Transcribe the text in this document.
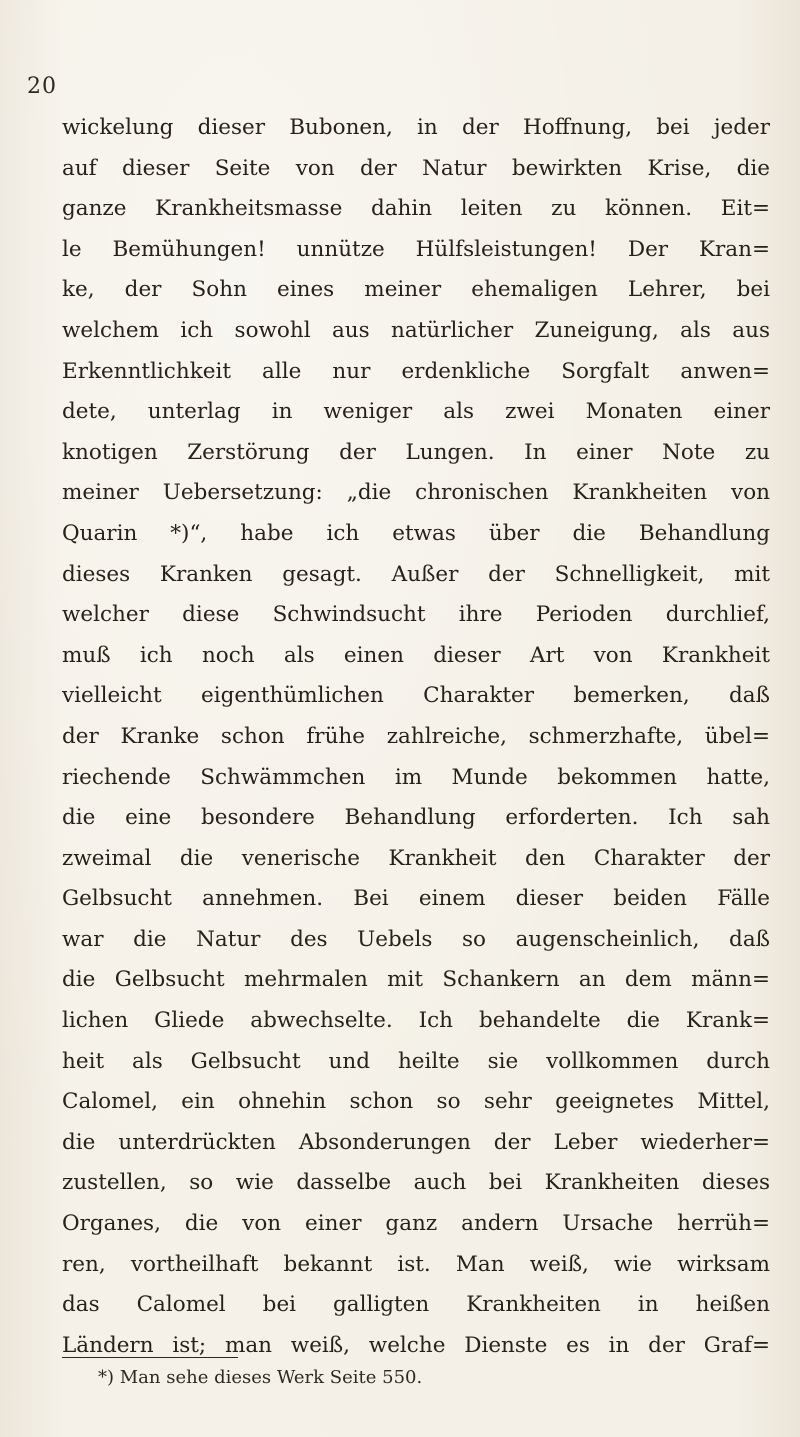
20
wickelung dieser Bubonen, in der Hoffnung, bei jeder
auf dieser Seite von der Natur bewirkten Krise, die
ganze Krankheitsmasse dahin leiten zu können. Eit=
le Bemühungen! unnütze Hülfsleistungen! Der Kran=
ke, der Sohn eines meiner ehemaligen Lehrer, bei
welchem ich sowohl aus natürlicher Zuneigung, als aus
Erkenntlichkeit alle nur erdenkliche Sorgfalt anwen=
dete, unterlag in weniger als zwei Monaten einer
knotigen Zerstörung der Lungen. In einer Note zu
meiner Uebersetzung: „die chronischen Krankheiten von
Quarin *)“, habe ich etwas über die Behandlung
dieses Kranken gesagt. Außer der Schnelligkeit, mit
welcher diese Schwindsucht ihre Perioden durchlief,
muß ich noch als einen dieser Art von Krankheit
vielleicht eigenthümlichen Charakter bemerken, daß
der Kranke schon frühe zahlreiche, schmerzhafte, übel=
riechende Schwämmchen im Munde bekommen hatte,
die eine besondere Behandlung erforderten. Ich sah
zweimal die venerische Krankheit den Charakter der
Gelbsucht annehmen. Bei einem dieser beiden Fälle
war die Natur des Uebels so augenscheinlich, daß
die Gelbsucht mehrmalen mit Schankern an dem männ=
lichen Gliede abwechselte. Ich behandelte die Krank=
heit als Gelbsucht und heilte sie vollkommen durch
Calomel, ein ohnehin schon so sehr geeignetes Mittel,
die unterdrückten Absonderungen der Leber wiederher=
zustellen, so wie dasselbe auch bei Krankheiten dieses
Organes, die von einer ganz andern Ursache herrüh=
ren, vortheilhaft bekannt ist. Man weiß, wie wirksam
das Calomel bei galligten Krankheiten in heißen
Ländern ist; man weiß, welche Dienste es in der Graf=
*) Man sehe dieses Werk Seite 550.
